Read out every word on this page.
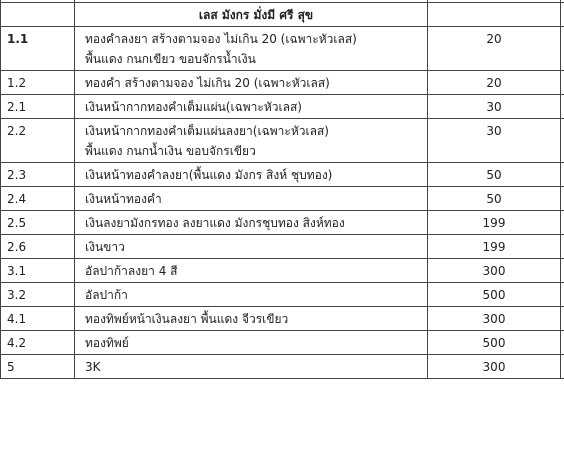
	เลส มังกร มั่งมี ศรี สุข		

1.1	ทองคำลงยา สร้างตามจอง ไม่เกิน 20 (เฉพาะหัวเลส)
พื้นแดง กนกเขียว ขอบจักรน้ำเงิน	20	

1.2	ทองคำ สร้างตามจอง ไม่เกิน 20 (เฉพาะหัวเลส)	20	

2.1	เงินหน้ากากทองคำเต็มแผ่น(เฉพาะหัวเลส)	30	

2.2	เงินหน้ากากทองคำเต็มแผ่นลงยา(เฉพาะหัวเลส)
พื้นแดง กนกน้ำเงิน ขอบจักรเขียว	30	

2.3	เงินหน้าทองคำลงยา(พื้นแดง มังกร สิงห์ ชุบทอง)	50	

2.4	เงินหน้าทองคำ	50	

2.5	เงินลงยามังกรทอง ลงยาแดง มังกรชุบทอง สิงห์ทอง	199	

2.6	เงินขาว	199	

3.1	อัลปาก้าลงยา 4 สี	300	

3.2	อัลปาก้า	500	

4.1	ทองทิพย์หน้าเงินลงยา พื้นแดง จีวรเขียว	300	

4.2	ทองทิพย์	500	

5	3K	300	
